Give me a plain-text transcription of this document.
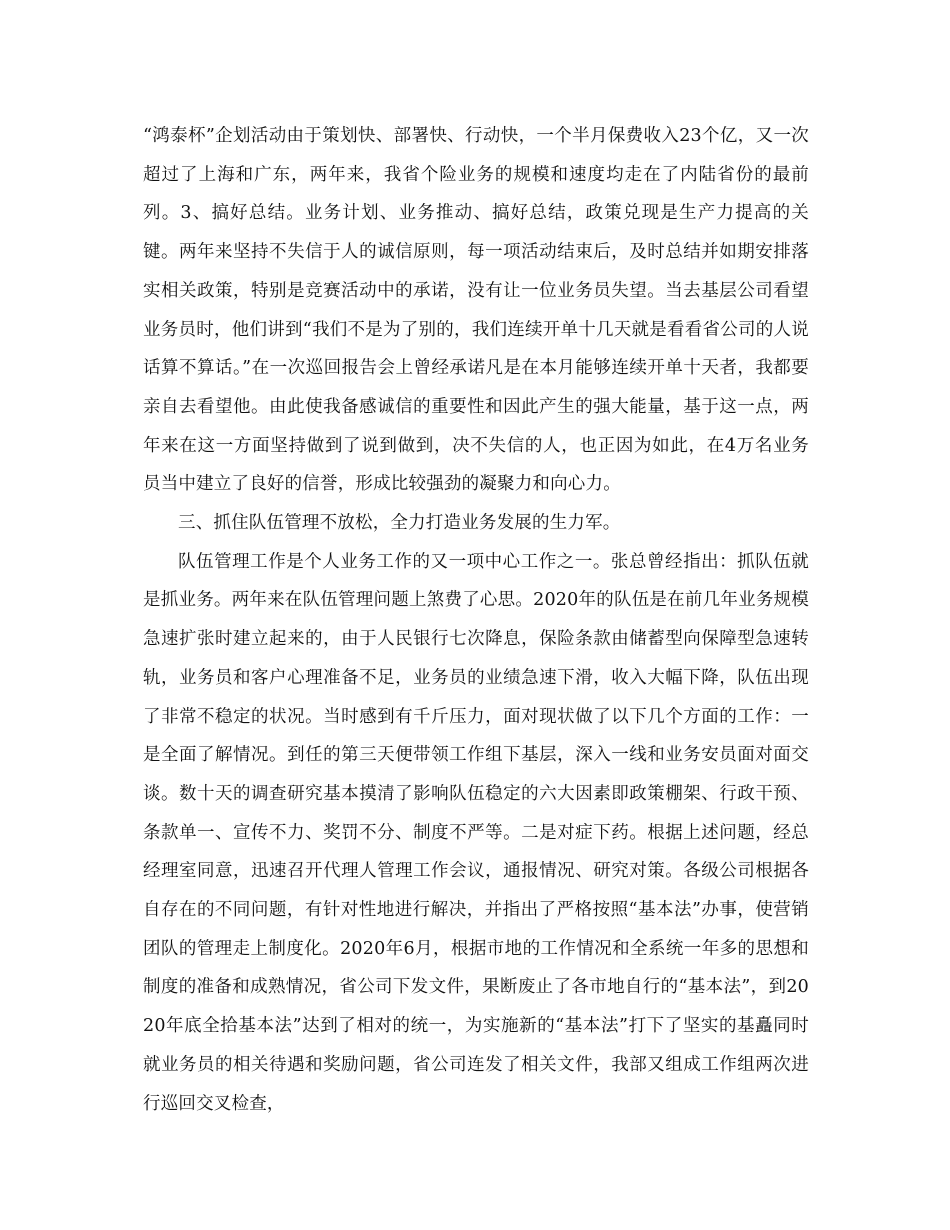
“鸿泰杯”企划活动由于策划快、部署快、行动快，一个半月保费收入23个亿，又一次超过了上海和广东，两年来，我省个险业务的规模和速度均走在了内陆省份的最前列。3、搞好总结。业务计划、业务推动、搞好总结，政策兑现是生产力提高的关键。两年来坚持不失信于人的诚信原则，每一项活动结束后，及时总结并如期安排落实相关政策，特别是竞赛活动中的承诺，没有让一位业务员失望。当去基层公司看望业务员时，他们讲到“我们不是为了别的，我们连续开单十几天就是看看省公司的人说话算不算话。”在一次巡回报告会上曾经承诺凡是在本月能够连续开单十天者，我都要亲自去看望他。由此使我备感诚信的重要性和因此产生的强大能量，基于这一点，两年来在这一方面坚持做到了说到做到，决不失信的人，也正因为如此，在4万名业务员当中建立了良好的信誉，形成比较强劲的凝聚力和向心力。

三、抓住队伍管理不放松，全力打造业务发展的生力军。

队伍管理工作是个人业务工作的又一项中心工作之一。张总曾经指出：抓队伍就是抓业务。两年来在队伍管理问题上煞费了心思。2020年的队伍是在前几年业务规模急速扩张时建立起来的，由于人民银行七次降息，保险条款由储蓄型向保障型急速转轨，业务员和客户心理准备不足，业务员的业绩急速下滑，收入大幅下降，队伍出现了非常不稳定的状况。当时感到有千斤压力，面对现状做了以下几个方面的工作：一是全面了解情况。到任的第三天便带领工作组下基层，深入一线和业务安员面对面交谈。数十天的调查研究基本摸清了影响队伍稳定的六大因素即政策棚架、行政干预、条款单一、宣传不力、奖罚不分、制度不严等。二是对症下药。根据上述问题，经总经理室同意，迅速召开代理人管理工作会议，通报情况、研究对策。各级公司根据各自存在的不同问题，有针对性地进行解决，并指出了严格按照“基本法”办事，使营销团队的管理走上制度化。2020年6月，根据市地的工作情况和全系统一年多的思想和制度的准备和成熟情况，省公司下发文件，果断废止了各市地自行的“基本法”，到2020年底全拾基本法”达到了相对的统一，为实施新的“基本法”打下了坚实的基矗同时就业务员的相关待遇和奖励问题，省公司连发了相关文件，我部又组成工作组两次进行巡回交叉检查，
